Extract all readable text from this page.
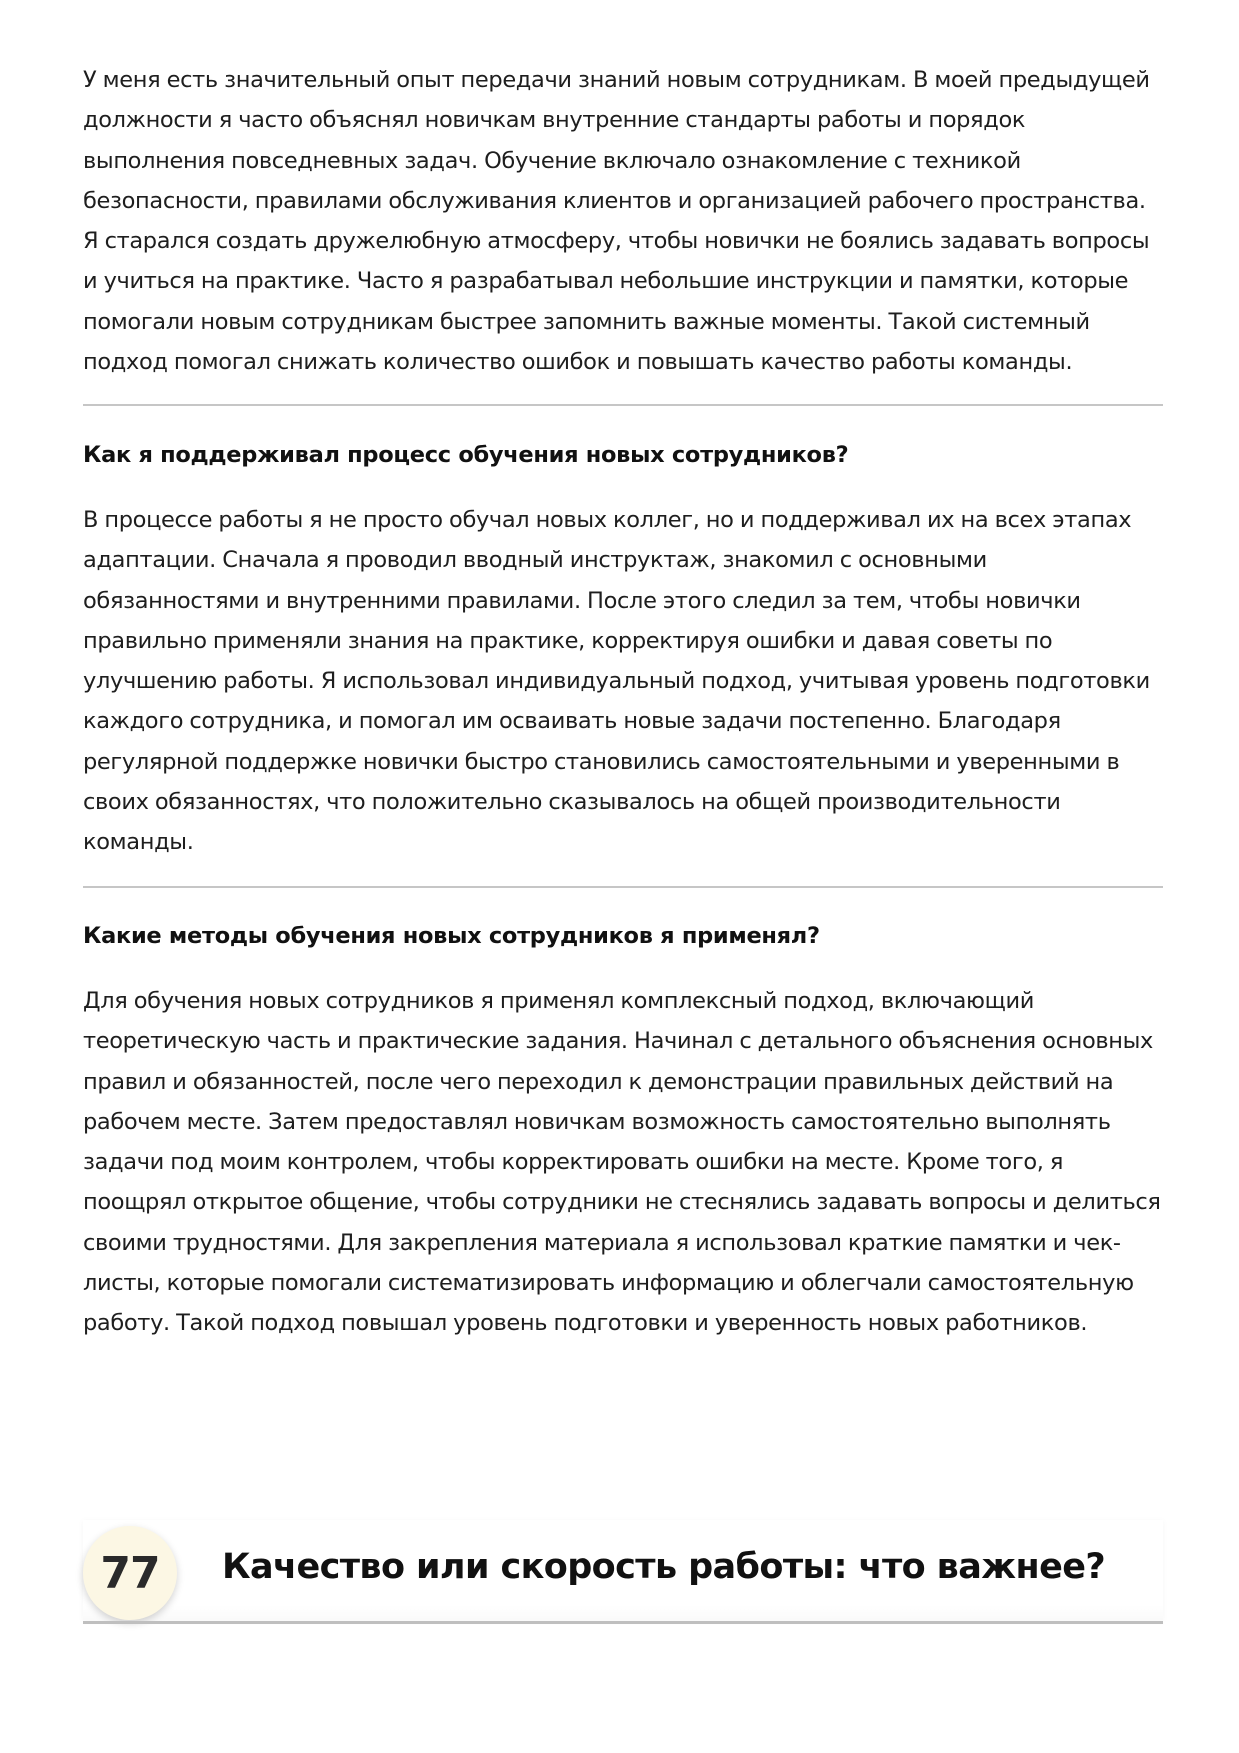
У меня есть значительный опыт передачи знаний новым сотрудникам. В моей предыдущей
должности я часто объяснял новичкам внутренние стандарты работы и порядок
выполнения повседневных задач. Обучение включало ознакомление с техникой
безопасности, правилами обслуживания клиентов и организацией рабочего пространства.
Я старался создать дружелюбную атмосферу, чтобы новички не боялись задавать вопросы
и учиться на практике. Часто я разрабатывал небольшие инструкции и памятки, которые
помогали новым сотрудникам быстрее запомнить важные моменты. Такой системный
подход помогал снижать количество ошибок и повышать качество работы команды.

Как я поддерживал процесс обучения новых сотрудников?

В процессе работы я не просто обучал новых коллег, но и поддерживал их на всех этапах
адаптации. Сначала я проводил вводный инструктаж, знакомил с основными
обязанностями и внутренними правилами. После этого следил за тем, чтобы новички
правильно применяли знания на практике, корректируя ошибки и давая советы по
улучшению работы. Я использовал индивидуальный подход, учитывая уровень подготовки
каждого сотрудника, и помогал им осваивать новые задачи постепенно. Благодаря
регулярной поддержке новички быстро становились самостоятельными и уверенными в
своих обязанностях, что положительно сказывалось на общей производительности
команды.

Какие методы обучения новых сотрудников я применял?

Для обучения новых сотрудников я применял комплексный подход, включающий
теоретическую часть и практические задания. Начинал с детального объяснения основных
правил и обязанностей, после чего переходил к демонстрации правильных действий на
рабочем месте. Затем предоставлял новичкам возможность самостоятельно выполнять
задачи под моим контролем, чтобы корректировать ошибки на месте. Кроме того, я
поощрял открытое общение, чтобы сотрудники не стеснялись задавать вопросы и делиться
своими трудностями. Для закрепления материала я использовал краткие памятки и чек-
листы, которые помогали систематизировать информацию и облегчали самостоятельную
работу. Такой подход повышал уровень подготовки и уверенность новых работников.

77	Качество или скорость работы: что важнее?
